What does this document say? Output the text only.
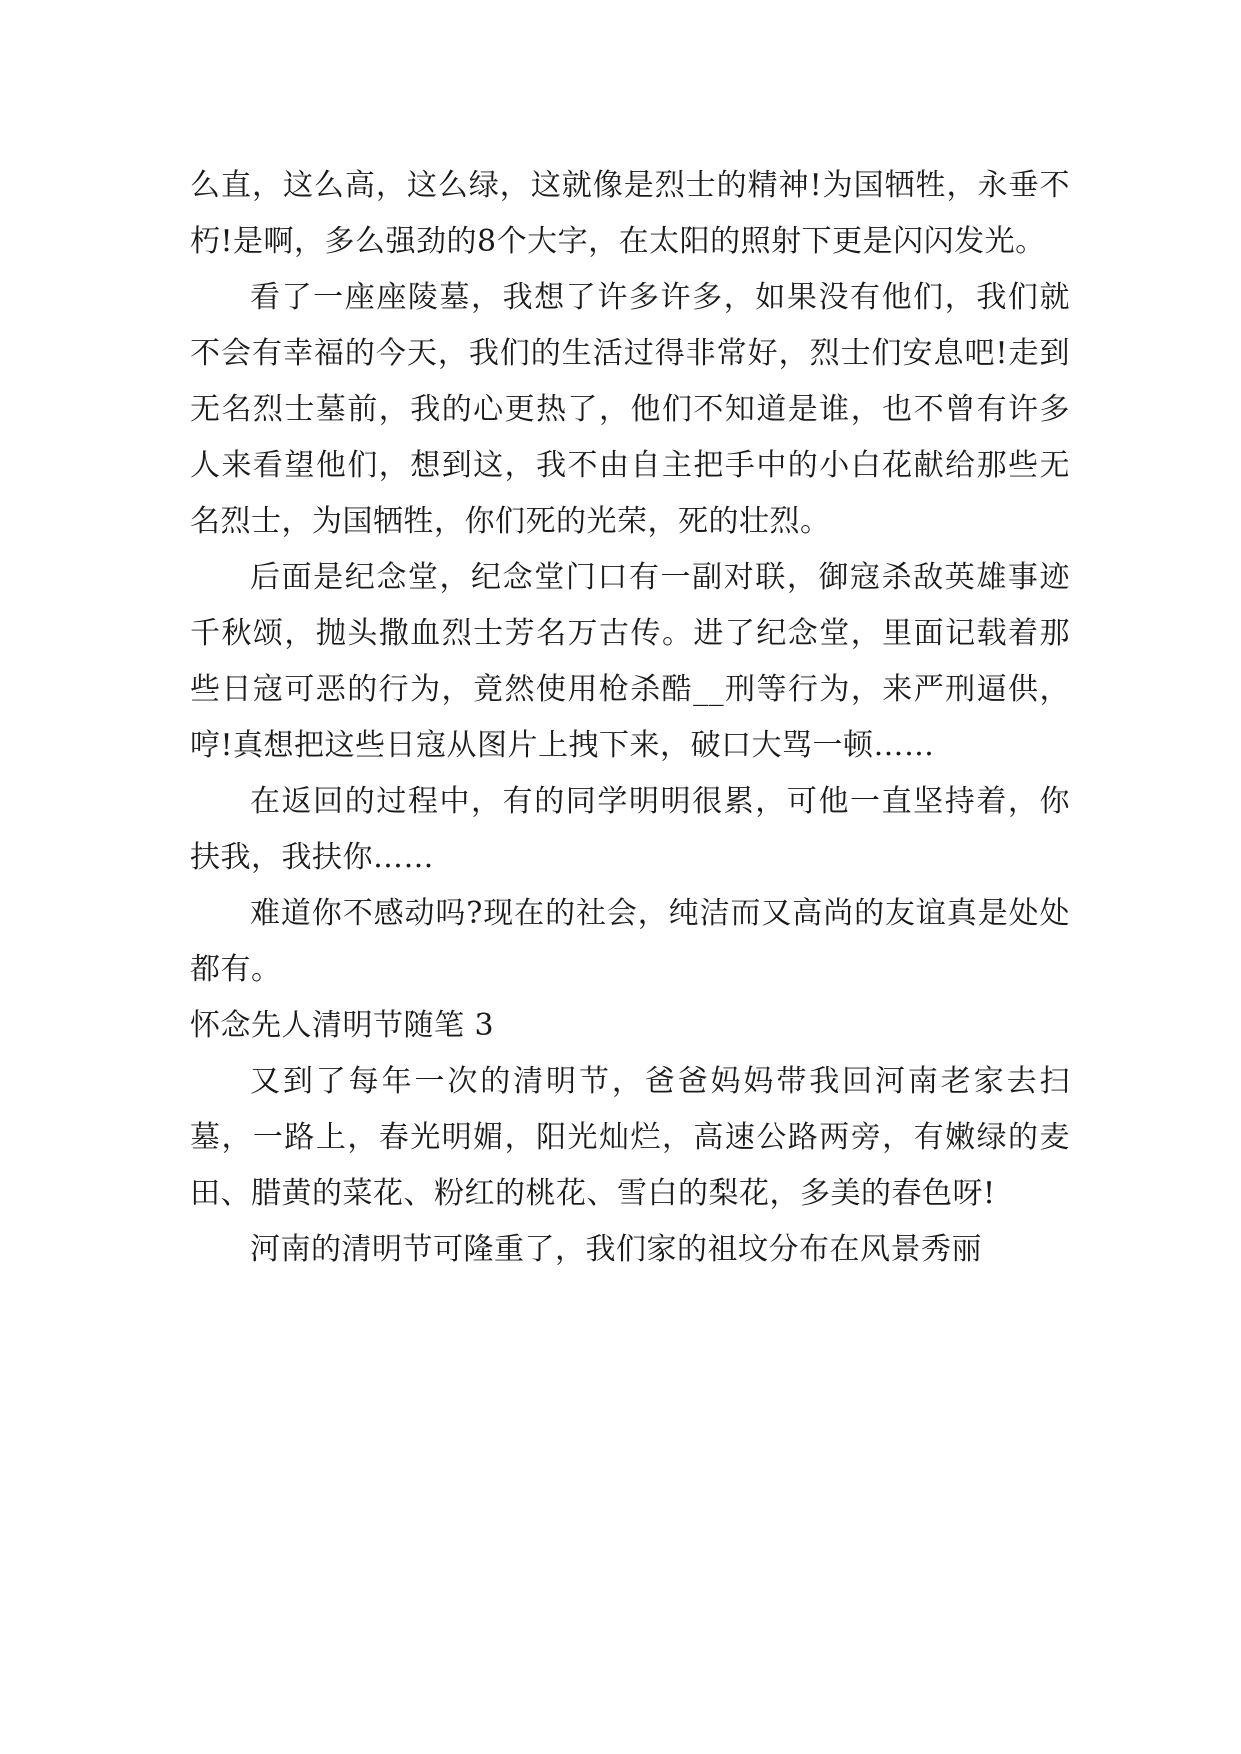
么直，这么高，这么绿，这就像是烈士的精神!为国牺牲，永垂不朽!是啊，多么强劲的8个大字，在太阳的照射下更是闪闪发光。

看了一座座陵墓，我想了许多许多，如果没有他们，我们就不会有幸福的今天，我们的生活过得非常好，烈士们安息吧!走到无名烈士墓前，我的心更热了，他们不知道是谁，也不曾有许多人来看望他们，想到这，我不由自主把手中的小白花献给那些无名烈士，为国牺牲，你们死的光荣，死的壮烈。

后面是纪念堂，纪念堂门口有一副对联，御寇杀敌英雄事迹千秋颂，抛头撒血烈士芳名万古传。进了纪念堂，里面记载着那些日寇可恶的行为，竟然使用枪杀酷__刑等行为，来严刑逼供，哼!真想把这些日寇从图片上拽下来，破口大骂一顿……

在返回的过程中，有的同学明明很累，可他一直坚持着，你扶我，我扶你……

难道你不感动吗?现在的社会，纯洁而又高尚的友谊真是处处都有。

怀念先人清明节随笔 3

又到了每年一次的清明节，爸爸妈妈带我回河南老家去扫墓，一路上，春光明媚，阳光灿烂，高速公路两旁，有嫩绿的麦田、腊黄的菜花、粉红的桃花、雪白的梨花，多美的春色呀!

河南的清明节可隆重了，我们家的祖坟分布在风景秀丽
